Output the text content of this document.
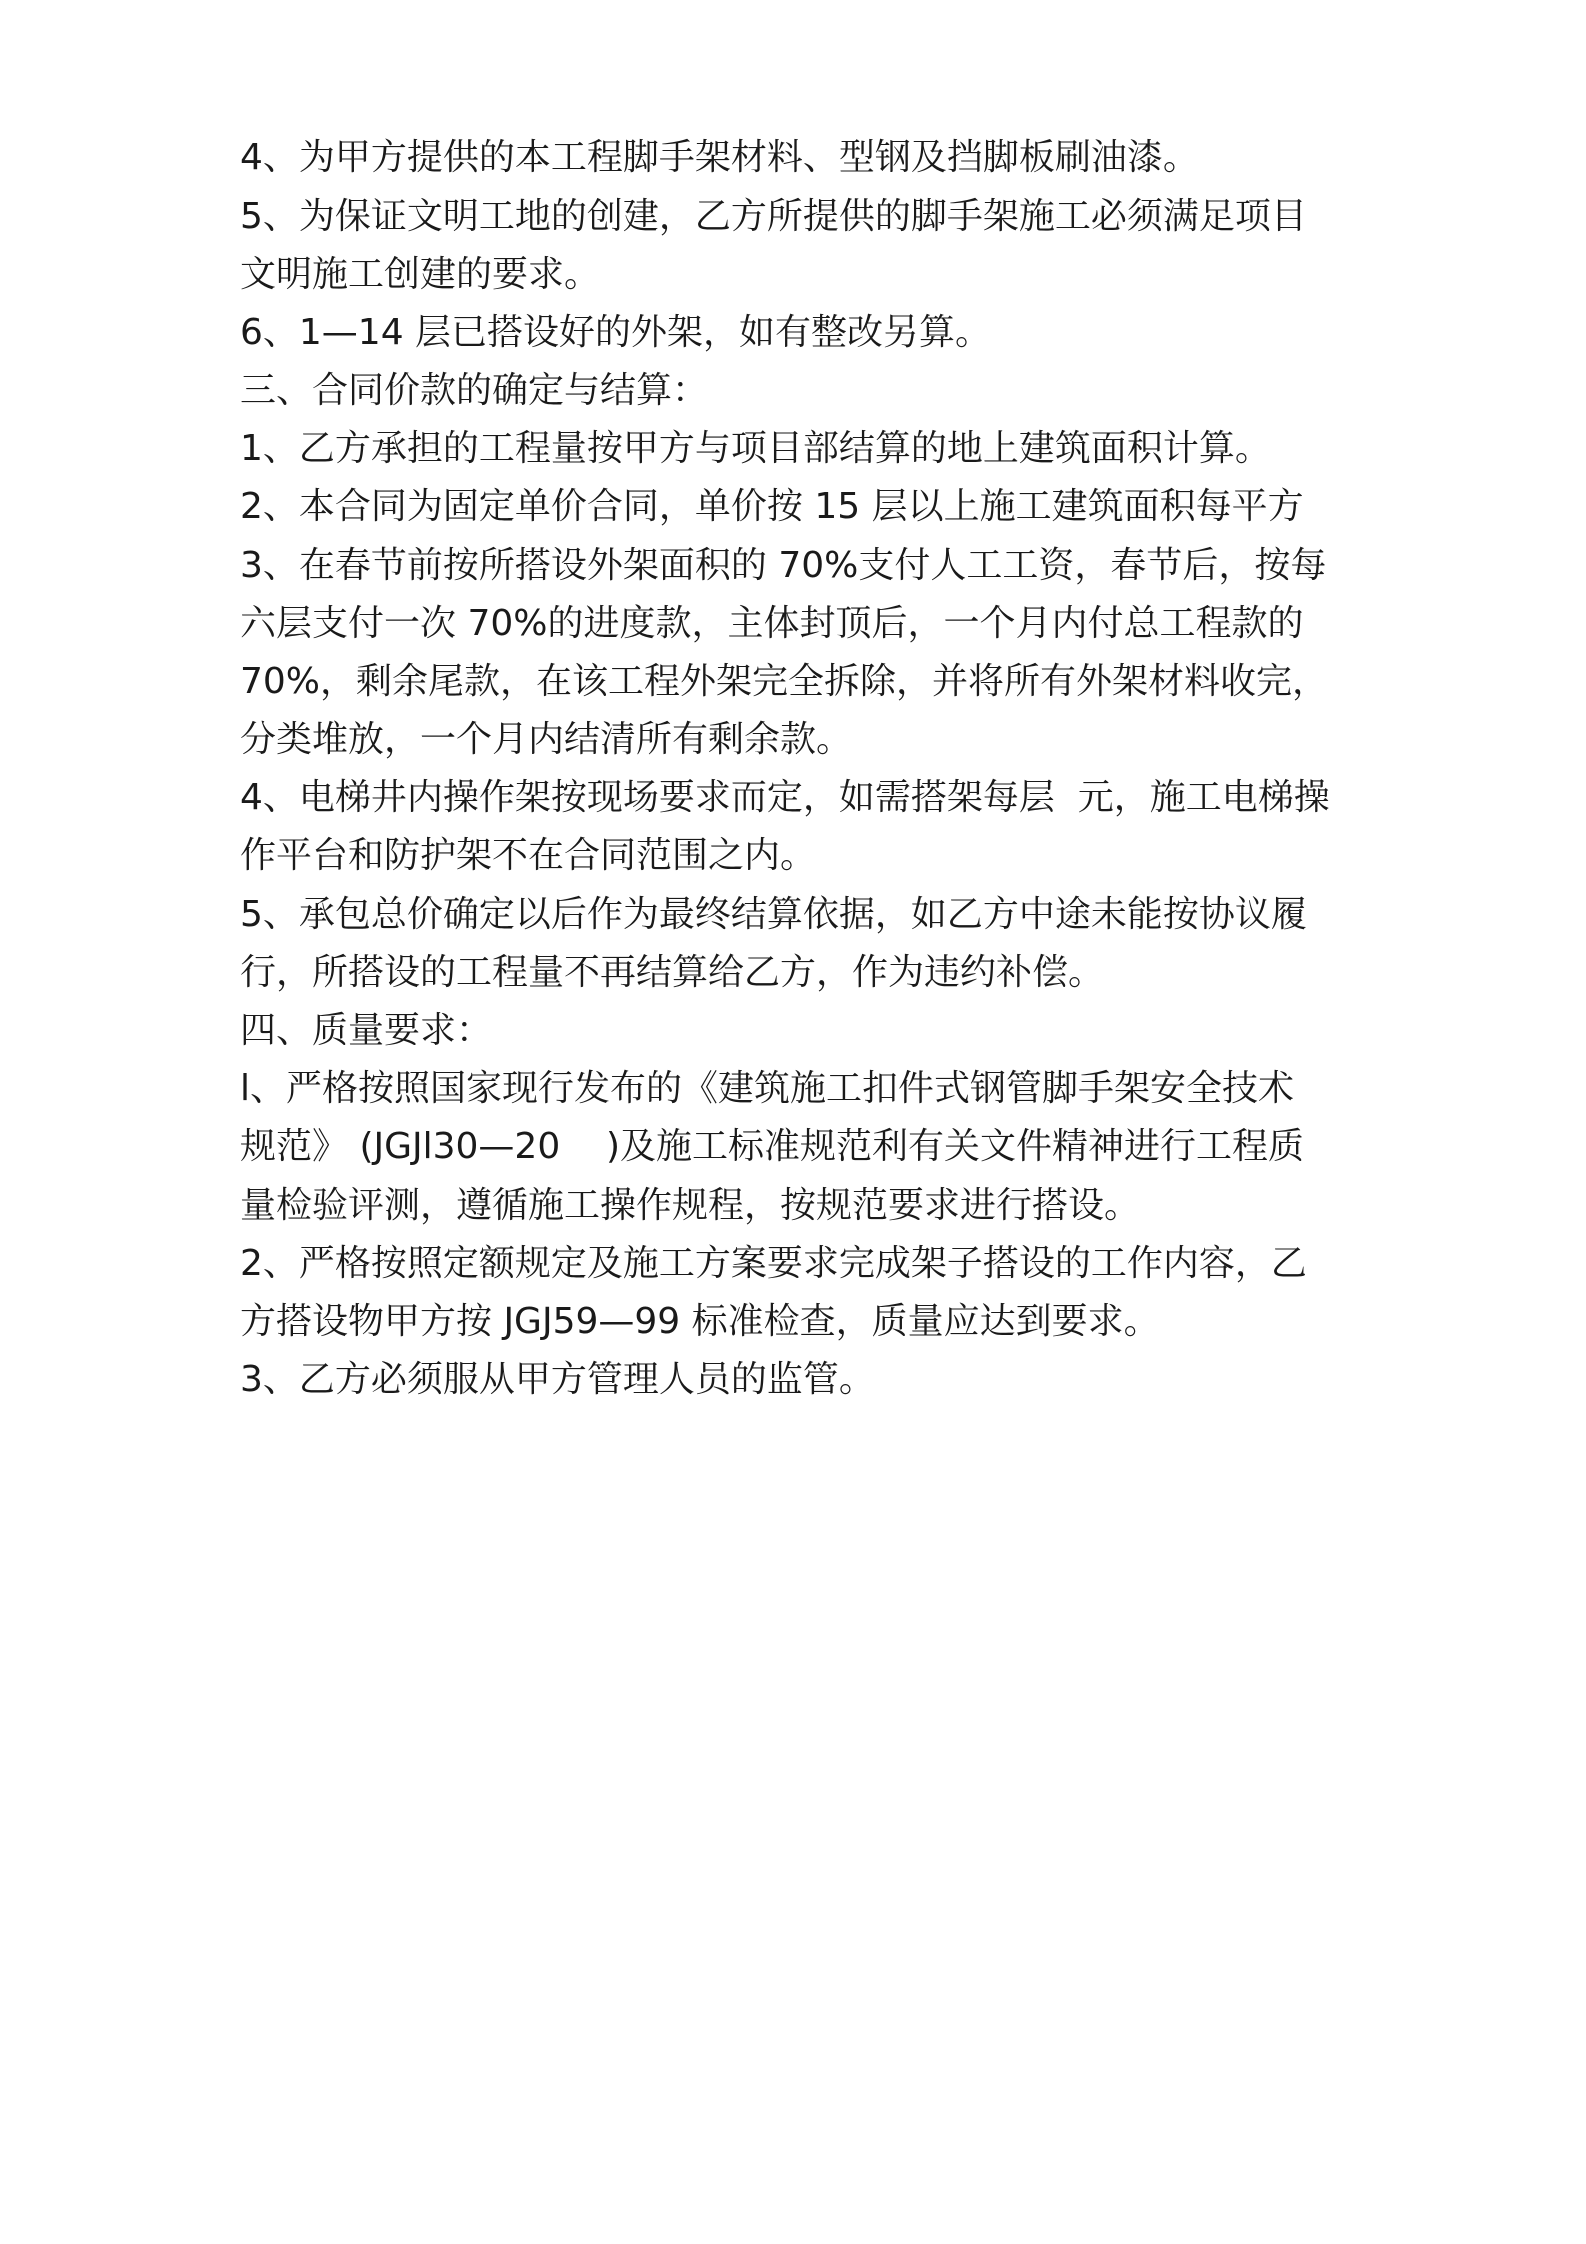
4、为甲方提供的本工程脚手架材料、型钢及挡脚板刷油漆。

5、为保证文明工地的创建，乙方所提供的脚手架施工必须满足项目

文明施工创建的要求。

6、1—14 层已搭设好的外架，如有整改另算。

三、合同价款的确定与结算：

1、乙方承担的工程量按甲方与项目部结算的地上建筑面积计算。

2、本合同为固定单价合同，单价按 15 层以上施工建筑面积每平方

3、在春节前按所搭设外架面积的 70%支付人工工资，春节后，按每

六层支付一次 70%的进度款，主体封顶后，一个月内付总工程款的

70%，剩余尾款，在该工程外架完全拆除，并将所有外架材料收完，

分类堆放，一个月内结清所有剩余款。

4、电梯井内操作架按现场要求而定，如需搭架每层  元，施工电梯操

作平台和防护架不在合同范围之内。

5、承包总价确定以后作为最终结算依据，如乙方中途未能按协议履

行，所搭设的工程量不再结算给乙方，作为违约补偿。

四、质量要求：

l、严格按照国家现行发布的《建筑施工扣件式钢管脚手架安全技术

规范》 (JGJl30—20    )及施工标准规范利有关文件精神进行工程质

量检验评测，遵循施工操作规程，按规范要求进行搭设。

2、严格按照定额规定及施工方案要求完成架子搭设的工作内容，乙

方搭设物甲方按 JGJ59—99 标准检查，质量应达到要求。

3、乙方必须服从甲方管理人员的监管。
